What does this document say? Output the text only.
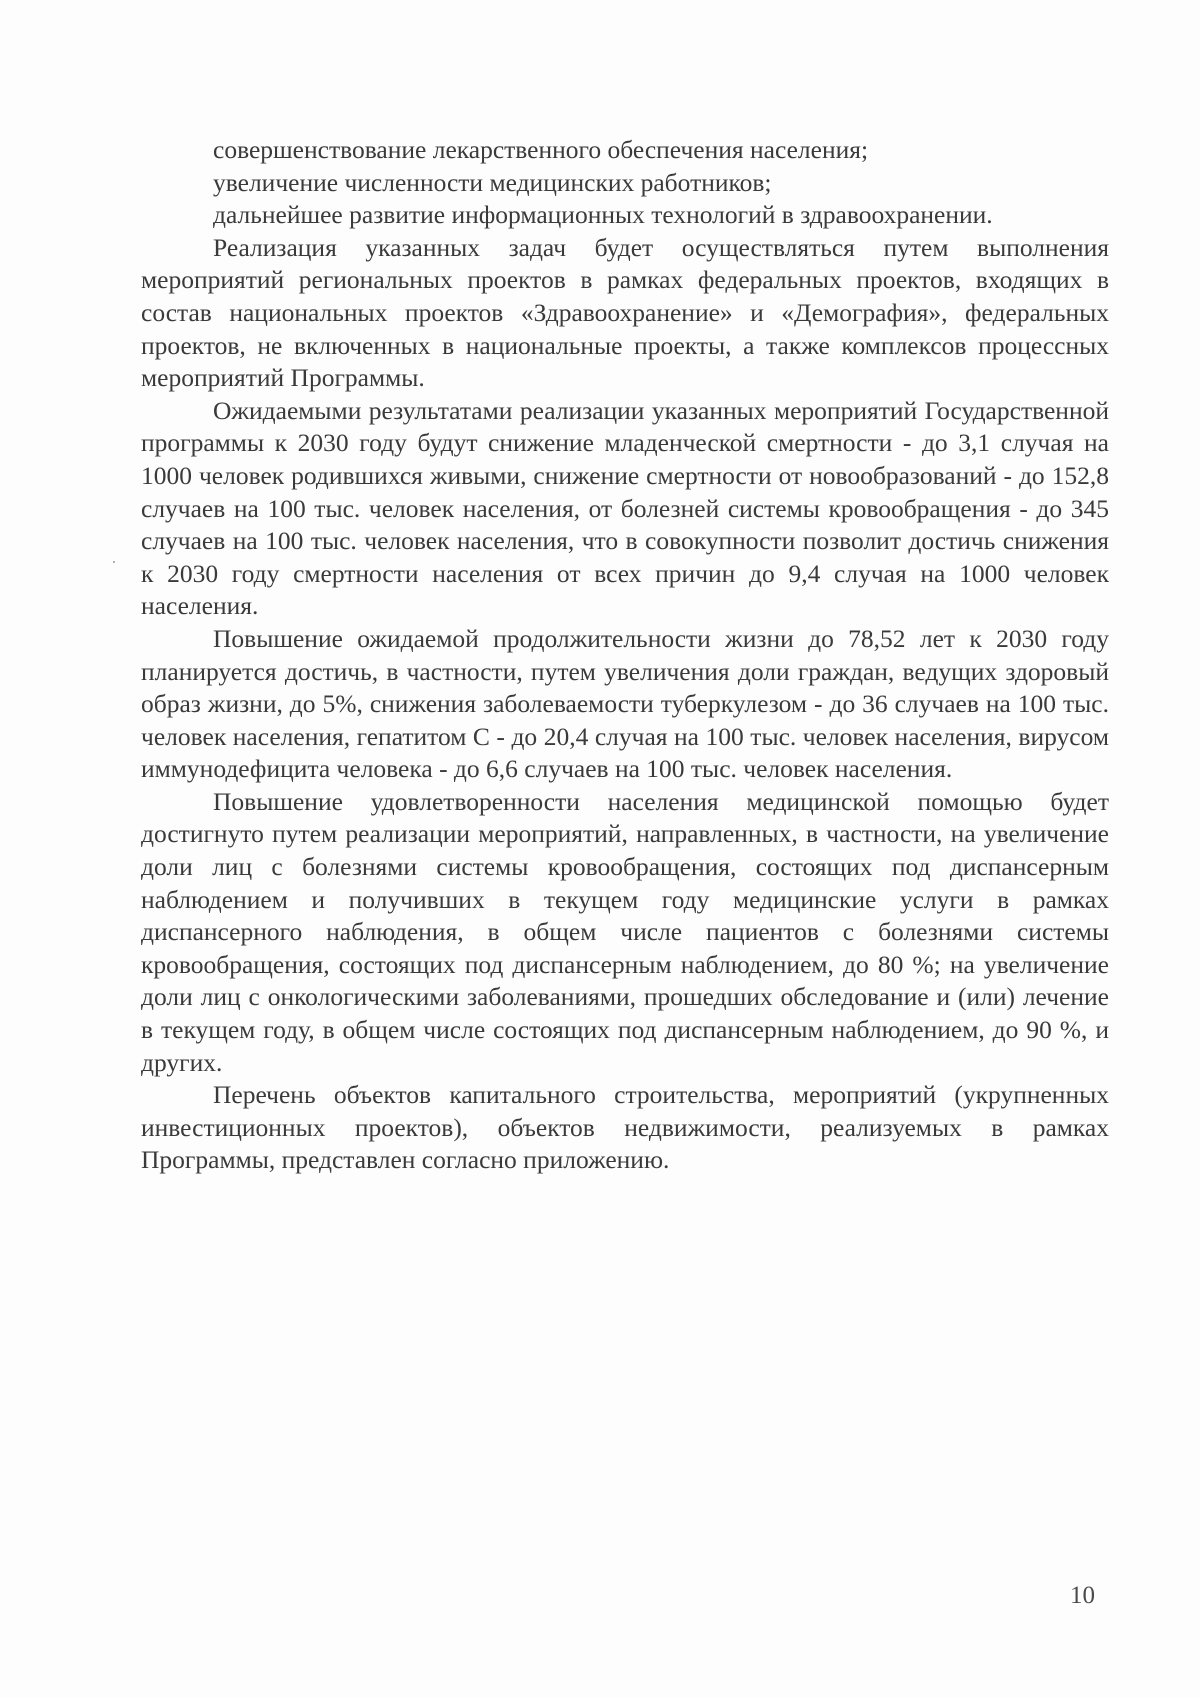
совершенствование лекарственного обеспечения населения;

увеличение численности медицинских работников;

дальнейшее развитие информационных технологий в здравоохранении.

Реализация указанных задач будет осуществляться путем выполнения мероприятий региональных проектов в рамках федеральных проектов, входящих в состав национальных проектов «Здравоохранение» и «Демография», федеральных проектов, не включенных в национальные проекты, а также комплексов процессных мероприятий Программы.

Ожидаемыми результатами реализации указанных мероприятий Государственной программы к 2030 году будут снижение младенческой смертности - до 3,1 случая на 1000 человек родившихся живыми, снижение смертности от новообразований - до 152,8 случаев на 100 тыс. человек населения, от болезней системы кровообращения - до 345 случаев на 100 тыс. человек населения, что в совокупности позволит достичь снижения к 2030 году смертности населения от всех причин до 9,4 случая на 1000 человек населения.

Повышение ожидаемой продолжительности жизни до 78,52 лет к 2030 году планируется достичь, в частности, путем увеличения доли граждан, ведущих здоровый образ жизни, до 5%, снижения заболеваемости туберкулезом - до 36 случаев на 100 тыс. человек населения, гепатитом С - до 20,4 случая на 100 тыс. человек населения, вирусом иммунодефицита человека - до 6,6 случаев на 100 тыс. человек населения.

Повышение удовлетворенности населения медицинской помощью будет достигнуто путем реализации мероприятий, направленных, в частности, на увеличение доли лиц с болезнями системы кровообращения, состоящих под диспансерным наблюдением и получивших в текущем году медицинские услуги в рамках диспансерного наблюдения, в общем числе пациентов с болезнями системы кровообращения, состоящих под диспансерным наблюдением, до 80 %; на увеличение доли лиц с онкологическими заболеваниями, прошедших обследование и (или) лечение в текущем году, в общем числе состоящих под диспансерным наблюдением, до 90 %, и других.

Перечень объектов капитального строительства, мероприятий (укрупненных инвестиционных проектов), объектов недвижимости, реализуемых в рамках Программы, представлен согласно приложению.

10
